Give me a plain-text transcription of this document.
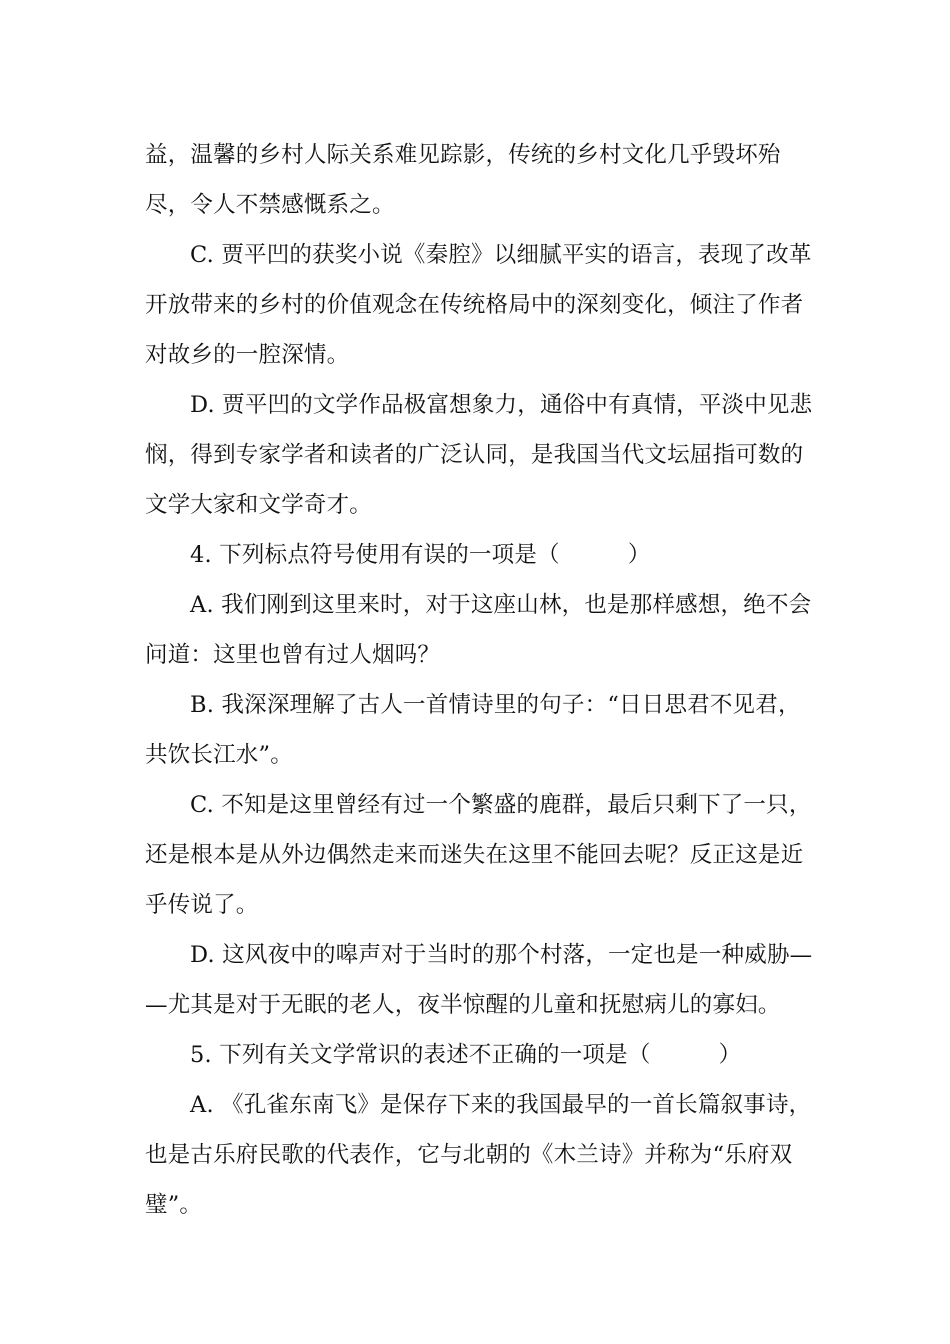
益，温馨的乡村人际关系难见踪影，传统的乡村文化几乎毁坏殆
尽，令人不禁感慨系之。
C. 贾平凹的获奖小说《秦腔》以细腻平实的语言，表现了改革
开放带来的乡村的价值观念在传统格局中的深刻变化，倾注了作者
对故乡的一腔深情。
D. 贾平凹的文学作品极富想象力，通俗中有真情，平淡中见悲
悯，得到专家学者和读者的广泛认同，是我国当代文坛屈指可数的
文学大家和文学奇才。
4. 下列标点符号使用有误的一项是（　　　）
A. 我们刚到这里来时，对于这座山林，也是那样感想，绝不会
问道：这里也曾有过人烟吗？
B. 我深深理解了古人一首情诗里的句子：“日日思君不见君，
共饮长江水”。
C. 不知是这里曾经有过一个繁盛的鹿群，最后只剩下了一只，
还是根本是从外边偶然走来而迷失在这里不能回去呢？反正这是近
乎传说了。
D. 这风夜中的嗥声对于当时的那个村落，一定也是一种威胁—
—尤其是对于无眠的老人，夜半惊醒的儿童和抚慰病儿的寡妇。
5. 下列有关文学常识的表述不正确的一项是（　　　）
A. 《孔雀东南飞》是保存下来的我国最早的一首长篇叙事诗，
也是古乐府民歌的代表作，它与北朝的《木兰诗》并称为“乐府双
璧”。
